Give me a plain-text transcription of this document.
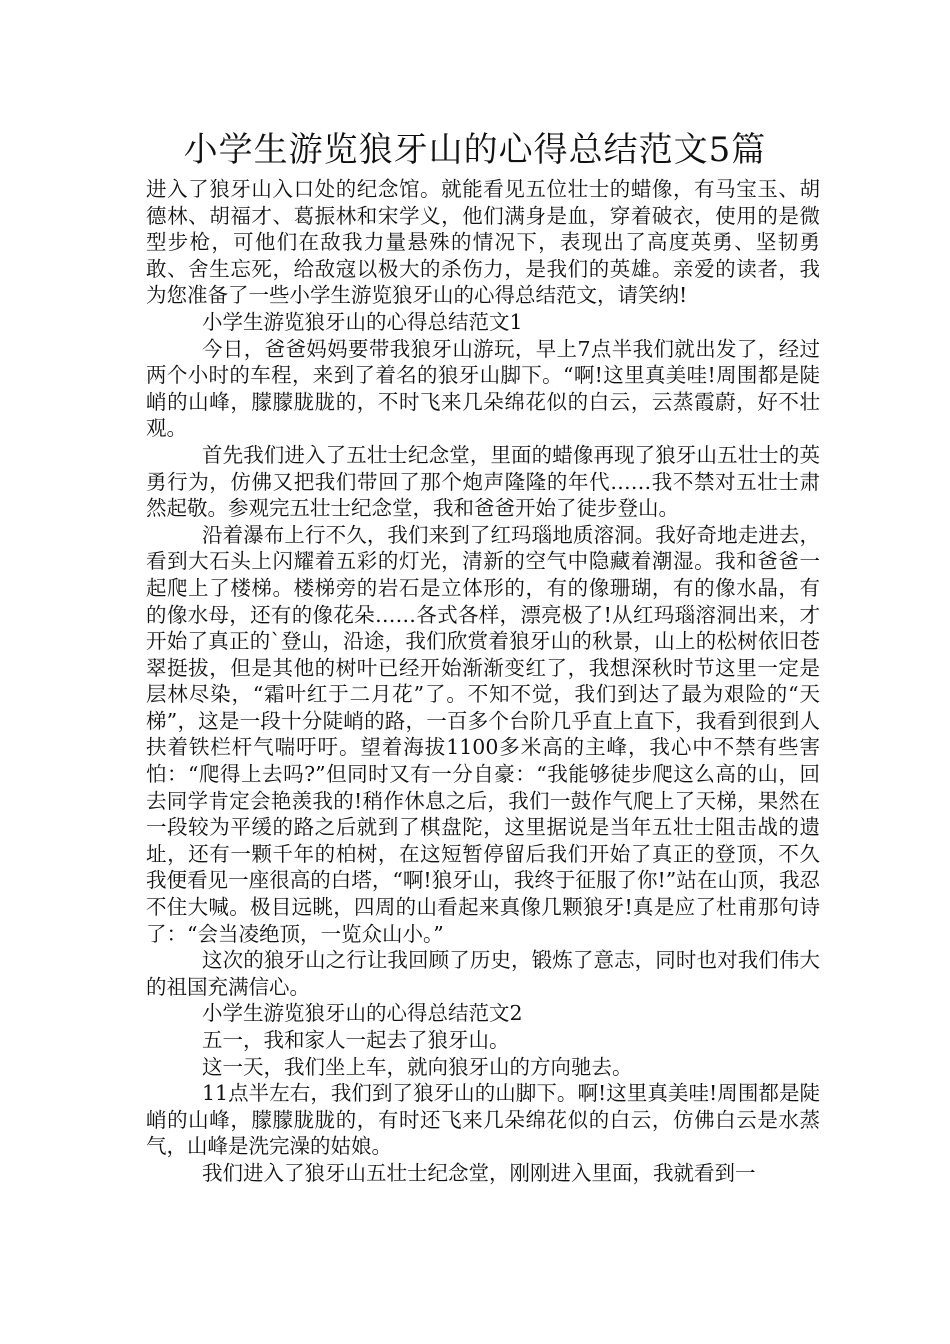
小学生游览狼牙山的心得总结范文5篇

进入了狼牙山入口处的纪念馆。就能看见五位壮士的蜡像，有马宝玉、胡德林、胡福才、葛振林和宋学义，他们满身是血，穿着破衣，使用的是微型步枪，可他们在敌我力量悬殊的情况下，表现出了高度英勇、坚韧勇敢、舍生忘死，给敌寇以极大的杀伤力，是我们的英雄。亲爱的读者，我为您准备了一些小学生游览狼牙山的心得总结范文，请笑纳!

小学生游览狼牙山的心得总结范文1

今日，爸爸妈妈要带我狼牙山游玩，早上7点半我们就出发了，经过两个小时的车程，来到了着名的狼牙山脚下。“啊!这里真美哇!周围都是陡峭的山峰，朦朦胧胧的，不时飞来几朵绵花似的白云，云蒸霞蔚，好不壮观。

首先我们进入了五壮士纪念堂，里面的蜡像再现了狼牙山五壮士的英勇行为，仿佛又把我们带回了那个炮声隆隆的年代……我不禁对五壮士肃然起敬。参观完五壮士纪念堂，我和爸爸开始了徒步登山。

沿着瀑布上行不久，我们来到了红玛瑙地质溶洞。我好奇地走进去，看到大石头上闪耀着五彩的灯光，清新的空气中隐藏着潮湿。我和爸爸一起爬上了楼梯。楼梯旁的岩石是立体形的，有的像珊瑚，有的像水晶，有的像水母，还有的像花朵……各式各样，漂亮极了!从红玛瑙溶洞出来，才开始了真正的`登山，沿途，我们欣赏着狼牙山的秋景，山上的松树依旧苍翠挺拔，但是其他的树叶已经开始渐渐变红了，我想深秋时节这里一定是层林尽染，“霜叶红于二月花”了。不知不觉，我们到达了最为艰险的“天梯”，这是一段十分陡峭的路，一百多个台阶几乎直上直下，我看到很到人扶着铁栏杆气喘吁吁。望着海拔1100多米高的主峰，我心中不禁有些害怕：“爬得上去吗?”但同时又有一分自豪：“我能够徒步爬这么高的山，回去同学肯定会艳羡我的!稍作休息之后，我们一鼓作气爬上了天梯，果然在一段较为平缓的路之后就到了棋盘陀，这里据说是当年五壮士阻击战的遗址，还有一颗千年的柏树，在这短暂停留后我们开始了真正的登顶，不久我便看见一座很高的白塔，“啊!狼牙山，我终于征服了你!”站在山顶，我忍不住大喊。极目远眺，四周的山看起来真像几颗狼牙!真是应了杜甫那句诗了：“会当凌绝顶，一览众山小。”

这次的狼牙山之行让我回顾了历史，锻炼了意志，同时也对我们伟大的祖国充满信心。

小学生游览狼牙山的心得总结范文2

五一，我和家人一起去了狼牙山。

这一天，我们坐上车，就向狼牙山的方向驰去。

11点半左右，我们到了狼牙山的山脚下。啊!这里真美哇!周围都是陡峭的山峰，朦朦胧胧的，有时还飞来几朵绵花似的白云，仿佛白云是水蒸气，山峰是洗完澡的姑娘。

我们进入了狼牙山五壮士纪念堂，刚刚进入里面，我就看到一
